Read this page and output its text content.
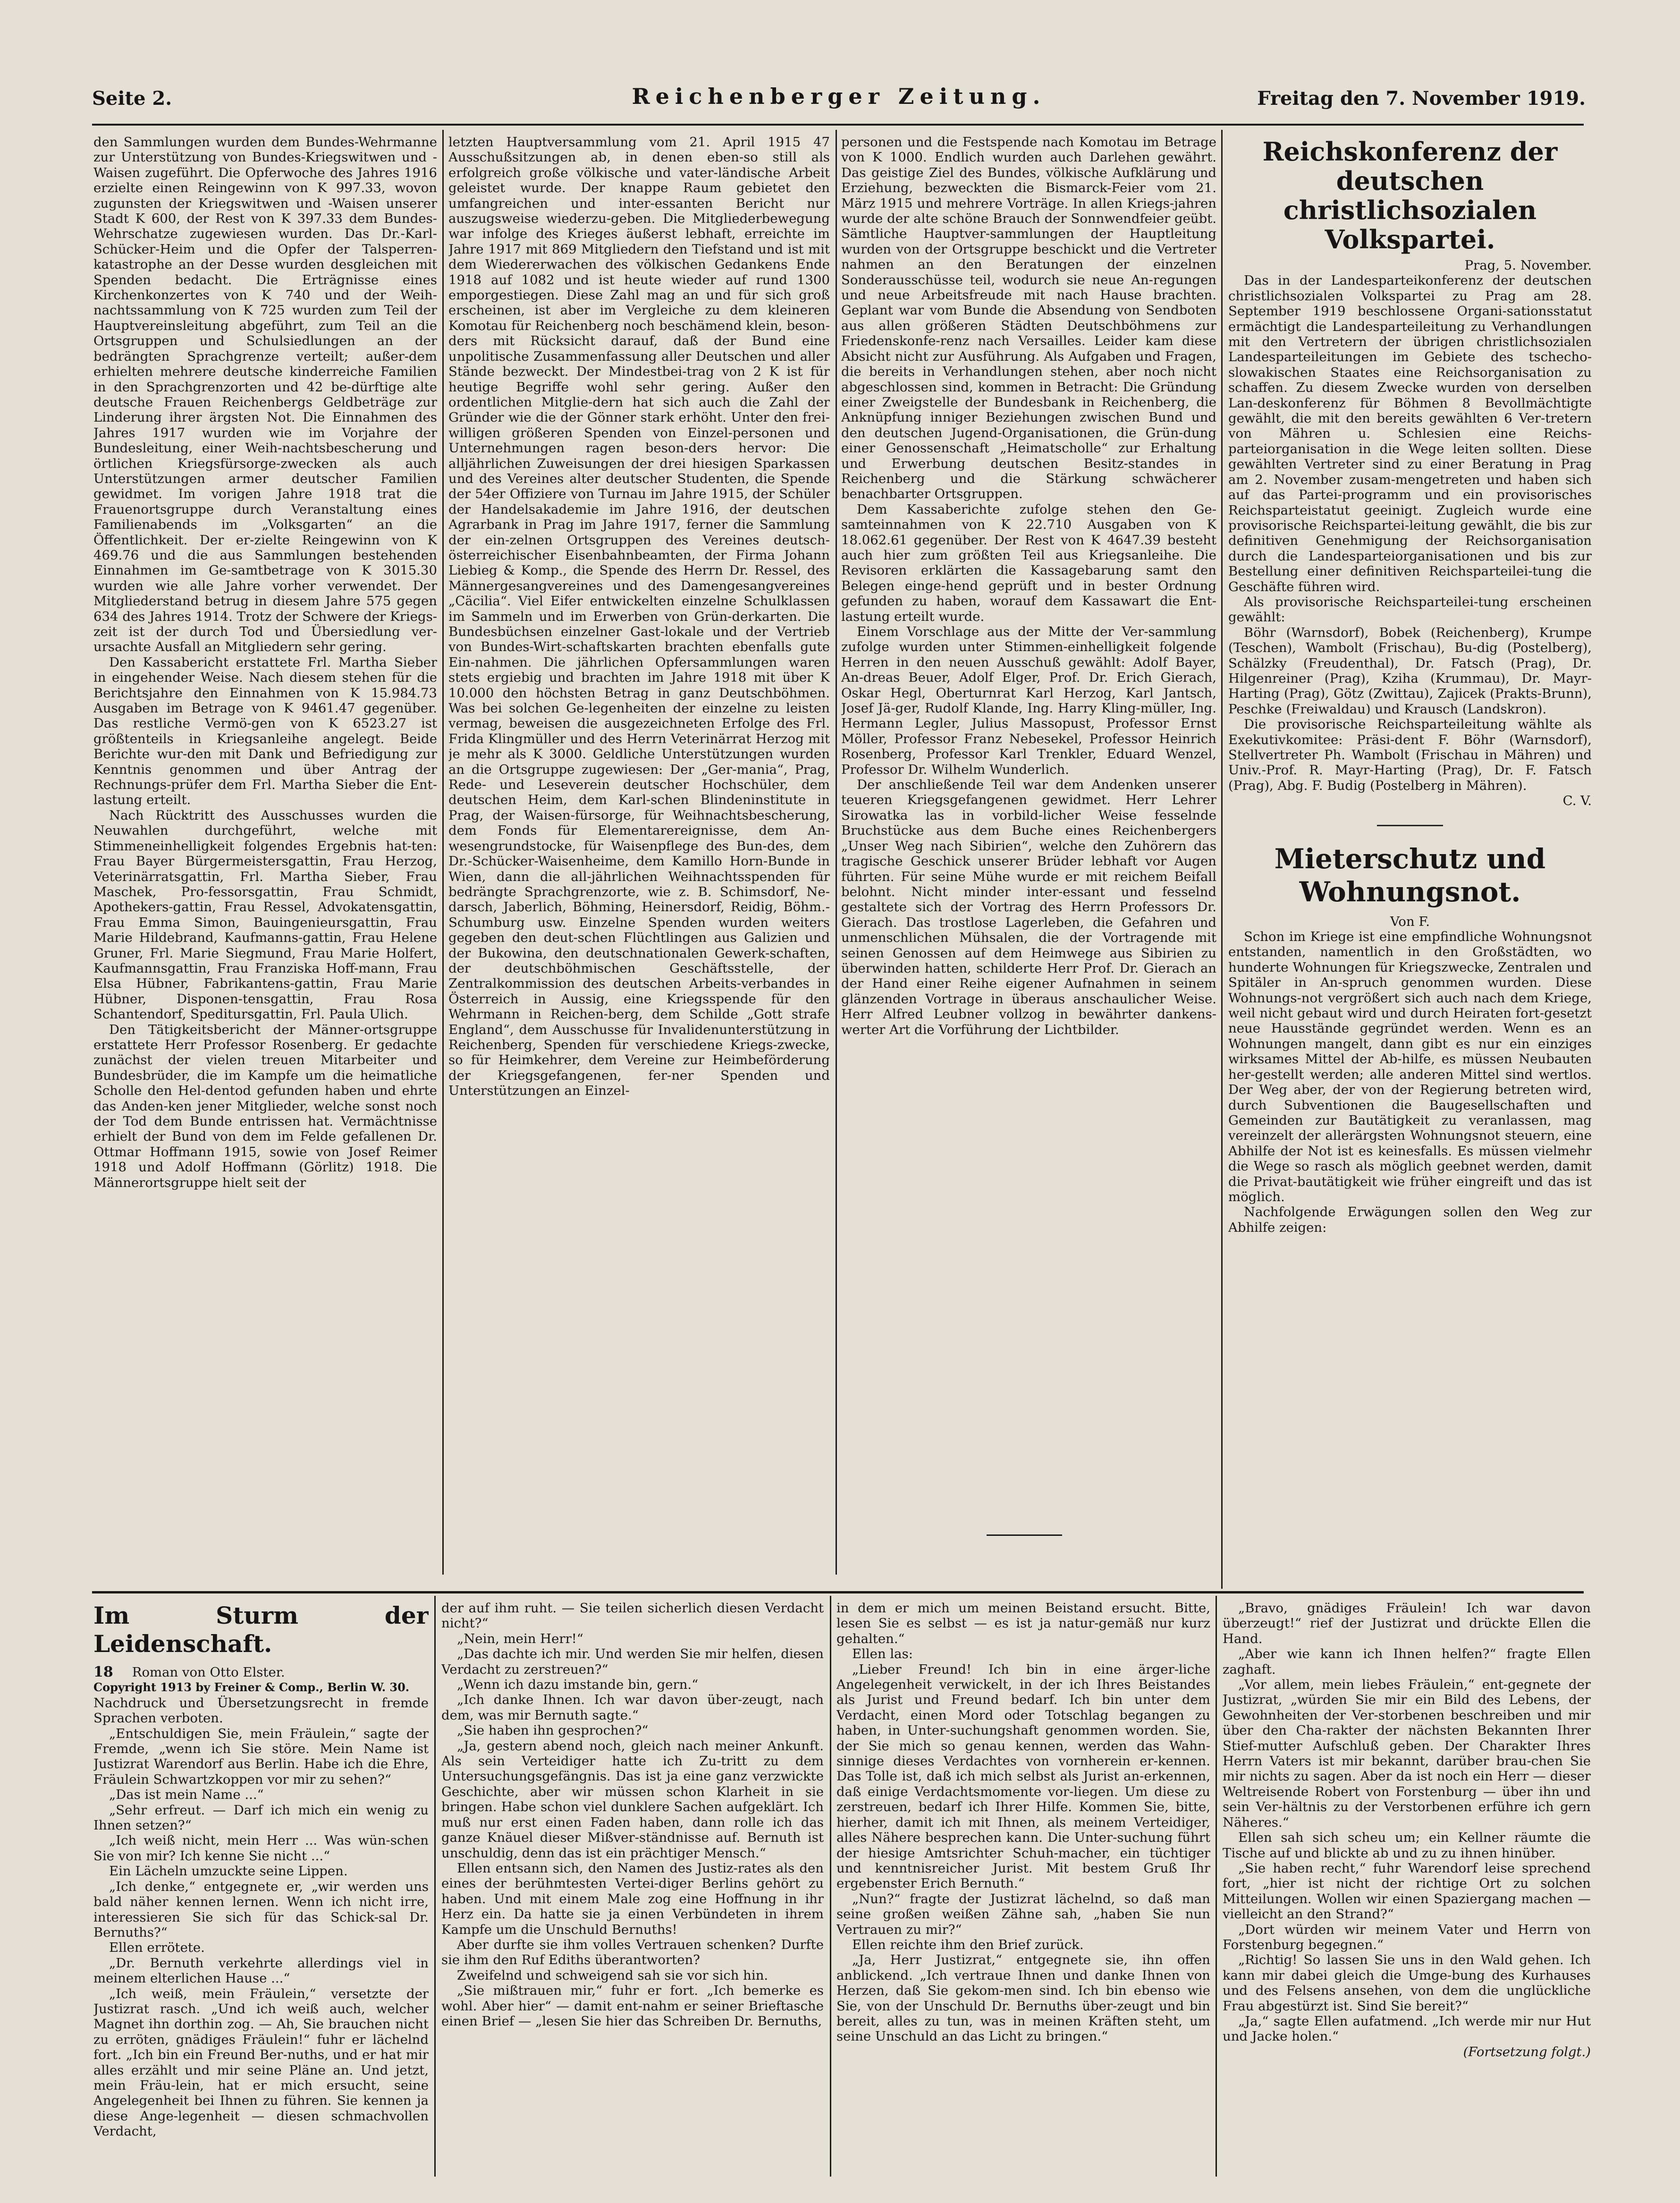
Seite 2.	Reichenberger Zeitung.	Freitag den 7. November 1919.

den Sammlungen wurden dem Bundes-Wehrmanne zur Unterstützung von Bundes-Kriegswitwen und -Waisen zugeführt. Die Opferwoche des Jahres 1916 erzielte einen Reingewinn von K 997.33, wovon zugunsten der Kriegswitwen und -Waisen unserer Stadt K 600, der Rest von K 397.33 dem Bundes-Wehrschatze zugewiesen wurden. Das Dr.-Karl-Schücker-Heim und die Opfer der Talsperren-katastrophe an der Desse wurden desgleichen mit Spenden bedacht. Die Erträgnisse eines Kirchenkonzertes von K 740 und der Weih-nachtssammlung von K 725 wurden zum Teil der Hauptvereinsleitung abgeführt, zum Teil an die Ortsgruppen und Schulsiedlungen an der bedrängten Sprachgrenze verteilt; außer-dem erhielten mehrere deutsche kinderreiche Familien in den Sprachgrenzorten und 42 be-dürftige alte deutsche Frauen Reichenbergs Geldbeträge zur Linderung ihrer ärgsten Not. Die Einnahmen des Jahres 1917 wurden wie im Vorjahre der Bundesleitung, einer Weih-nachtsbescherung und örtlichen Kriegsfürsorge-zwecken als auch Unterstützungen armer deutscher Familien gewidmet. Im vorigen Jahre 1918 trat die Frauenortsgruppe durch Veranstaltung eines Familienabends im „Volksgarten“ an die Öffentlichkeit. Der er-zielte Reingewinn von K 469.76 und die aus Sammlungen bestehenden Einnahmen im Ge-samtbetrage von K 3015.30 wurden wie alle Jahre vorher verwendet. Der Mitgliederstand betrug in diesem Jahre 575 gegen 634 des Jahres 1914. Trotz der Schwere der Kriegs-zeit ist der durch Tod und Übersiedlung ver-ursachte Ausfall an Mitgliedern sehr gering.

Den Kassabericht erstattete Frl. Martha Sieber in eingehender Weise. Nach diesem stehen für die Berichtsjahre den Einnahmen von K 15.984.73 Ausgaben im Betrage von K 9461.47 gegenüber. Das restliche Vermö-gen von K 6523.27 ist größtenteils in Kriegsanleihe angelegt. Beide Berichte wur-den mit Dank und Befriedigung zur Kenntnis genommen und über Antrag der Rechnungs-prüfer dem Frl. Martha Sieber die Ent-lastung erteilt.

Nach Rücktritt des Ausschusses wurden die Neuwahlen durchgeführt, welche mit Stimmeneinhelligkeit folgendes Ergebnis hat-ten: Frau Bayer Bürgermeistersgattin, Frau Herzog, Veterinärratsgattin, Frl. Martha Sieber, Frau Maschek, Pro-fessorsgattin, Frau Schmidt, Apothekers-gattin, Frau Ressel, Advokatensgattin, Frau Emma Simon, Bauingenieursgattin, Frau Marie Hildebrand, Kaufmanns-gattin, Frau Helene Gruner, Frl. Marie Siegmund, Frau Marie Holfert, Kaufmannsgattin, Frau Franziska Hoff-mann, Frau Elsa Hübner, Fabrikantens-gattin, Frau Marie Hübner, Disponen-tensgattin, Frau Rosa Schantendorf, Speditursgattin, Frl. Paula Ulich.

Den Tätigkeitsbericht der Männer-ortsgruppe erstattete Herr Professor Rosenberg. Er gedachte zunächst der vielen treuen Mitarbeiter und Bundesbrüder, die im Kampfe um die heimatliche Scholle den Hel-dentod gefunden haben und ehrte das Anden-ken jener Mitglieder, welche sonst noch der Tod dem Bunde entrissen hat. Vermächtnisse erhielt der Bund von dem im Felde gefallenen Dr. Ottmar Hoffmann 1915, sowie von Josef Reimer 1918 und Adolf Hoffmann (Görlitz) 1918. Die Männerortsgruppe hielt seit der

letzten Hauptversammlung vom 21. April 1915 47 Ausschußsitzungen ab, in denen eben-so still als erfolgreich große völkische und vater-ländische Arbeit geleistet wurde. Der knappe Raum gebietet den umfangreichen und inter-essanten Bericht nur auszugsweise wiederzu-geben. Die Mitgliederbewegung war infolge des Krieges äußerst lebhaft, erreichte im Jahre 1917 mit 869 Mitgliedern den Tiefstand und ist mit dem Wiedererwachen des völkischen Gedankens Ende 1918 auf 1082 und ist heute wieder auf rund 1300 emporgestiegen. Diese Zahl mag an und für sich groß erscheinen, ist aber im Vergleiche zu dem kleineren Komotau für Reichenberg noch beschämend klein, beson-ders mit Rücksicht darauf, daß der Bund eine unpolitische Zusammenfassung aller Deutschen und aller Stände bezweckt. Der Mindestbei-trag von 2 K ist für heutige Begriffe wohl sehr gering. Außer den ordentlichen Mitglie-dern hat sich auch die Zahl der Gründer wie die der Gönner stark erhöht. Unter den frei-willigen größeren Spenden von Einzel-personen und Unternehmungen ragen beson-ders hervor: Die alljährlichen Zuweisungen der drei hiesigen Sparkassen und des Vereines alter deutscher Studenten, die Spende der 54er Offiziere von Turnau im Jahre 1915, der Schüler der Handelsakademie im Jahre 1916, der deutschen Agrarbank in Prag im Jahre 1917, ferner die Sammlung der ein-zelnen Ortsgruppen des Vereines deutsch-österreichischer Eisenbahnbeamten, der Firma Johann Liebieg & Komp., die Spende des Herrn Dr. Ressel, des Männergesangvereines und des Damengesangvereines „Cäcilia“. Viel Eifer entwickelten einzelne Schulklassen im Sammeln und im Erwerben von Grün-derkarten. Die Bundesbüchsen einzelner Gast-lokale und der Vertrieb von Bundes-Wirt-schaftskarten brachten ebenfalls gute Ein-nahmen. Die jährlichen Opfersammlungen waren stets ergiebig und brachten im Jahre 1918 mit über K 10.000 den höchsten Betrag in ganz Deutschböhmen. Was bei solchen Ge-legenheiten der einzelne zu leisten vermag, beweisen die ausgezeichneten Erfolge des Frl. Frida Klingmüller und des Herrn Veterinärrat Herzog mit je mehr als K 3000. Geldliche Unterstützungen wurden an die Ortsgruppe zugewiesen: Der „Ger-mania“, Prag, Rede- und Leseverein deutscher Hochschüler, dem deutschen Heim, dem Karl-schen Blindeninstitute in Prag, der Waisen-fürsorge, für Weihnachtsbescherung, dem Fonds für Elementarereignisse, dem An-wesengrundstocke, für Waisenpflege des Bun-des, dem Dr.-Schücker-Waisenheime, dem Kamillo Horn-Bunde in Wien, dann die all-jährlichen Weihnachtsspenden für bedrängte Sprachgrenzorte, wie z. B. Schimsdorf, Ne-darsch, Jaberlich, Böhming, Heinersdorf, Reidig, Böhm.-Schumburg usw. Einzelne Spenden wurden weiters gegeben den deut-schen Flüchtlingen aus Galizien und der Bukowina, den deutschnationalen Gewerk-schaften, der deutschböhmischen Geschäftsstelle, der Zentralkommission des deutschen Arbeits-verbandes in Österreich in Aussig, eine Kriegsspende für den Wehrmann in Reichen-berg, dem Schilde „Gott strafe England“, dem Ausschusse für Invalidenunterstützung in Reichenberg, Spenden für verschiedene Kriegs-zwecke, so für Heimkehrer, dem Vereine zur Heimbeförderung der Kriegsgefangenen, fer-ner Spenden und Unterstützungen an Einzel-

personen und die Festspende nach Komotau im Betrage von K 1000. Endlich wurden auch Darlehen gewährt. Das geistige Ziel des Bundes, völkische Aufklärung und Erziehung, bezweckten die Bismarck-Feier vom 21. März 1915 und mehrere Vorträge. In allen Kriegs-jahren wurde der alte schöne Brauch der Sonnwendfeier geübt. Sämtliche Hauptver-sammlungen der Hauptleitung wurden von der Ortsgruppe beschickt und die Vertreter nahmen an den Beratungen der einzelnen Sonderausschüsse teil, wodurch sie neue An-regungen und neue Arbeitsfreude mit nach Hause brachten. Geplant war vom Bunde die Absendung von Sendboten aus allen größeren Städten Deutschböhmens zur Friedenskonfe-renz nach Versailles. Leider kam diese Absicht nicht zur Ausführung. Als Aufgaben und Fragen, die bereits in Verhandlungen stehen, aber noch nicht abgeschlossen sind, kommen in Betracht: Die Gründung einer Zweigstelle der Bundesbank in Reichenberg, die Anknüpfung inniger Beziehungen zwischen Bund und den deutschen Jugend-Organisationen, die Grün-dung einer Genossenschaft „Heimatscholle“ zur Erhaltung und Erwerbung deutschen Besitz-standes in Reichenberg und die Stärkung schwächerer benachbarter Ortsgruppen.

Dem Kassaberichte zufolge stehen den Ge-samteinnahmen von K 22.710 Ausgaben von K 18.062.61 gegenüber. Der Rest von K 4647.39 besteht auch hier zum größten Teil aus Kriegsanleihe. Die Revisoren erklärten die Kassagebarung samt den Belegen einge-hend geprüft und in bester Ordnung gefunden zu haben, worauf dem Kassawart die Ent-lastung erteilt wurde.

Einem Vorschlage aus der Mitte der Ver-sammlung zufolge wurden unter Stimmen-einhelligkeit folgende Herren in den neuen Ausschuß gewählt: Adolf Bayer, An-dreas Beuer, Adolf Elger, Prof. Dr. Erich Gierach, Oskar Hegl, Oberturnrat Karl Herzog, Karl Jantsch, Josef Jä-ger, Rudolf Klande, Ing. Harry Kling-müller, Ing. Hermann Legler, Julius Massopust, Professor Ernst Möller, Professor Franz Nebesekel, Professor Heinrich Rosenberg, Professor Karl Trenkler, Eduard Wenzel, Professor Dr. Wilhelm Wunderlich.

Der anschließende Teil war dem Andenken unserer teueren Kriegsgefangenen gewidmet. Herr Lehrer Sirowatka las in vorbild-licher Weise fesselnde Bruchstücke aus dem Buche eines Reichenbergers „Unser Weg nach Sibirien“, welche den Zuhörern das tragische Geschick unserer Brüder lebhaft vor Augen führten. Für seine Mühe wurde er mit reichem Beifall belohnt. Nicht minder inter-essant und fesselnd gestaltete sich der Vortrag des Herrn Professors Dr. Gierach. Das trostlose Lagerleben, die Gefahren und unmenschlichen Mühsalen, die der Vortragende mit seinen Genossen auf dem Heimwege aus Sibirien zu überwinden hatten, schilderte Herr Prof. Dr. Gierach an der Hand einer Reihe eigener Aufnahmen in seinem glänzenden Vortrage in überaus anschaulicher Weise. Herr Alfred Leubner vollzog in bewährter dankens-werter Art die Vorführung der Lichtbilder.

Reichskonferenz der deutschen christlichsozialen Volkspartei.

Prag, 5. November.

Das in der Landesparteikonferenz der deutschen christlichsozialen Volkspartei zu Prag am 28. September 1919 beschlossene Organi-sationsstatut ermächtigt die Landesparteileitung zu Verhandlungen mit den Vertretern der übrigen christlichsozialen Landesparteileitungen im Gebiete des tschecho-slowakischen Staates eine Reichsorganisation zu schaffen. Zu diesem Zwecke wurden von derselben Lan-deskonferenz für Böhmen 8 Bevollmächtigte gewählt, die mit den bereits gewählten 6 Ver-tretern von Mähren u. Schlesien eine Reichs-parteiorganisation in die Wege leiten sollten. Diese gewählten Vertreter sind zu einer Beratung in Prag am 2. November zusam-mengetreten und haben sich auf das Partei-programm und ein provisorisches Reichsparteistatut geeinigt. Zugleich wurde eine provisorische Reichspartei-leitung gewählt, die bis zur definitiven Genehmigung der Reichsorganisation durch die Landesparteiorganisationen und bis zur Bestellung einer definitiven Reichsparteilei-tung die Geschäfte führen wird.

Als provisorische Reichsparteilei-tung erscheinen gewählt:

Böhr (Warnsdorf), Bobek (Reichenberg), Krumpe (Teschen), Wambolt (Frischau), Bu-dig (Postelberg), Schälzky (Freudenthal), Dr. Fatsch (Prag), Dr. Hilgenreiner (Prag), Kziha (Krummau), Dr. Mayr-Harting (Prag), Götz (Zwittau), Zajicek (Prakts-Brunn), Peschke (Freiwaldau) und Krausch (Landskron).

Die provisorische Reichsparteileitung wählte als Exekutivkomitee: Präsi-dent F. Böhr (Warnsdorf), Stellvertreter Ph. Wambolt (Frischau in Mähren) und Univ.-Prof. R. Mayr-Harting (Prag), Dr. F. Fatsch (Prag), Abg. F. Budig (Postelberg in Mähren).

C. V.

Mieterschutz und Wohnungsnot.

Von F.

Schon im Kriege ist eine empfindliche Wohnungsnot entstanden, namentlich in den Großstädten, wo hunderte Wohnungen für Kriegszwecke, Zentralen und Spitäler in An-spruch genommen wurden. Diese Wohnungs-not vergrößert sich auch nach dem Kriege, weil nicht gebaut wird und durch Heiraten fort-gesetzt neue Hausstände gegründet werden. Wenn es an Wohnungen mangelt, dann gibt es nur ein einziges wirksames Mittel der Ab-hilfe, es müssen Neubauten her-gestellt werden; alle anderen Mittel sind wertlos. Der Weg aber, der von der Regierung betreten wird, durch Subventionen die Baugesellschaften und Gemeinden zur Bautätigkeit zu veranlassen, mag vereinzelt der allerärgsten Wohnungsnot steuern, eine Abhilfe der Not ist es keinesfalls. Es müssen vielmehr die Wege so rasch als möglich geebnet werden, damit die Privat-bautätigkeit wie früher eingreift und das ist möglich.

Nachfolgende Erwägungen sollen den Weg zur Abhilfe zeigen:

Im Sturm der Leidenschaft.

18 Roman von Otto Elster.

Copyright 1913 by Freiner & Comp., Berlin W. 30.

Nachdruck und Übersetzungsrecht in fremde Sprachen verboten.

„Entschuldigen Sie, mein Fräulein,“ sagte der Fremde, „wenn ich Sie störe. Mein Name ist Justizrat Warendorf aus Berlin. Habe ich die Ehre, Fräulein Schwartzkoppen vor mir zu sehen?“

„Das ist mein Name ...“

„Sehr erfreut. — Darf ich mich ein wenig zu Ihnen setzen?“

„Ich weiß nicht, mein Herr ... Was wün-schen Sie von mir? Ich kenne Sie nicht ...“

Ein Lächeln umzuckte seine Lippen.

„Ich denke,“ entgegnete er, „wir werden uns bald näher kennen lernen. Wenn ich nicht irre, interessieren Sie sich für das Schick-sal Dr. Bernuths?“

Ellen errötete.

„Dr. Bernuth verkehrte allerdings viel in meinem elterlichen Hause ...“

„Ich weiß, mein Fräulein,“ versetzte der Justizrat rasch. „Und ich weiß auch, welcher Magnet ihn dorthin zog. — Ah, Sie brauchen nicht zu erröten, gnädiges Fräulein!“ fuhr er lächelnd fort. „Ich bin ein Freund Ber-nuths, und er hat mir alles erzählt und mir seine Pläne an. Und jetzt, mein Fräu-lein, hat er mich ersucht, seine Angelegenheit bei Ihnen zu führen. Sie kennen ja diese Ange-legenheit — diesen schmachvollen Verdacht,

der auf ihm ruht. — Sie teilen sicherlich diesen Verdacht nicht?“

„Nein, mein Herr!“

„Das dachte ich mir. Und werden Sie mir helfen, diesen Verdacht zu zerstreuen?“

„Wenn ich dazu imstande bin, gern.“

„Ich danke Ihnen. Ich war davon über-zeugt, nach dem, was mir Bernuth sagte.“

„Sie haben ihn gesprochen?“

„Ja, gestern abend noch, gleich nach meiner Ankunft. Als sein Verteidiger hatte ich Zu-tritt zu dem Untersuchungsgefängnis. Das ist ja eine ganz verzwickte Geschichte, aber wir müssen schon Klarheit in sie bringen. Habe schon viel dunklere Sachen aufgeklärt. Ich muß nur erst einen Faden haben, dann rolle ich das ganze Knäuel dieser Mißver-ständnisse auf. Bernuth ist unschuldig, denn das ist ein prächtiger Mensch.“

Ellen entsann sich, den Namen des Justiz-rates als den eines der berühmtesten Vertei-diger Berlins gehört zu haben. Und mit einem Male zog eine Hoffnung in ihr Herz ein. Da hatte sie ja einen Verbündeten in ihrem Kampfe um die Unschuld Bernuths!

Aber durfte sie ihm volles Vertrauen schenken? Durfte sie ihm den Ruf Ediths überantworten?

Zweifelnd und schweigend sah sie vor sich hin.

„Sie mißtrauen mir,“ fuhr er fort. „Ich bemerke es wohl. Aber hier“ — damit ent-nahm er seiner Brieftasche einen Brief — „lesen Sie hier das Schreiben Dr. Bernuths,

in dem er mich um meinen Beistand ersucht. Bitte, lesen Sie es selbst — es ist ja natur-gemäß nur kurz gehalten.“

Ellen las:

„Lieber Freund! Ich bin in eine ärger-liche Angelegenheit verwickelt, in der ich Ihres Beistandes als Jurist und Freund bedarf. Ich bin unter dem Verdacht, einen Mord oder Totschlag begangen zu haben, in Unter-suchungshaft genommen worden. Sie, der Sie mich so genau kennen, werden das Wahn-sinnige dieses Verdachtes von vornherein er-kennen. Das Tolle ist, daß ich mich selbst als Jurist an-erkennen, daß einige Verdachtsmomente vor-liegen. Um diese zu zerstreuen, bedarf ich Ihrer Hilfe. Kommen Sie, bitte, hierher, damit ich mit Ihnen, als meinem Verteidiger, alles Nähere besprechen kann. Die Unter-suchung führt der hiesige Amtsrichter Schuh-macher, ein tüchtiger und kenntnisreicher Jurist. Mit bestem Gruß Ihr ergebenster Erich Bernuth.“

„Nun?“ fragte der Justizrat lächelnd, so daß man seine großen weißen Zähne sah, „haben Sie nun Vertrauen zu mir?“

Ellen reichte ihm den Brief zurück.

„Ja, Herr Justizrat,“ entgegnete sie, ihn offen anblickend. „Ich vertraue Ihnen und danke Ihnen von Herzen, daß Sie gekom-men sind. Ich bin ebenso wie Sie, von der Unschuld Dr. Bernuths über-zeugt und bin bereit, alles zu tun, was in meinen Kräften steht, um seine Unschuld an das Licht zu bringen.“

„Bravo, gnädiges Fräulein! Ich war davon überzeugt!“ rief der Justizrat und drückte Ellen die Hand.

„Aber wie kann ich Ihnen helfen?“ fragte Ellen zaghaft.

„Vor allem, mein liebes Fräulein,“ ent-gegnete der Justizrat, „würden Sie mir ein Bild des Lebens, der Gewohnheiten der Ver-storbenen beschreiben und mir über den Cha-rakter der nächsten Bekannten Ihrer Stief-mutter Aufschluß geben. Der Charakter Ihres Herrn Vaters ist mir bekannt, darüber brau-chen Sie mir nichts zu sagen. Aber da ist noch ein Herr — dieser Weltreisende Robert von Forstenburg — über ihn und sein Ver-hältnis zu der Verstorbenen erführe ich gern Näheres.“

Ellen sah sich scheu um; ein Kellner räumte die Tische auf und blickte ab und zu zu ihnen hinüber.

„Sie haben recht,“ fuhr Warendorf leise sprechend fort, „hier ist nicht der richtige Ort zu solchen Mitteilungen. Wollen wir einen Spaziergang machen — vielleicht an den Strand?“

„Dort würden wir meinem Vater und Herrn von Forstenburg begegnen.“

„Richtig! So lassen Sie uns in den Wald gehen. Ich kann mir dabei gleich die Umge-bung des Kurhauses und des Felsens ansehen, von dem die unglückliche Frau abgestürzt ist. Sind Sie bereit?“

„Ja,“ sagte Ellen aufatmend. „Ich werde mir nur Hut und Jacke holen.“

(Fortsetzung folgt.)
